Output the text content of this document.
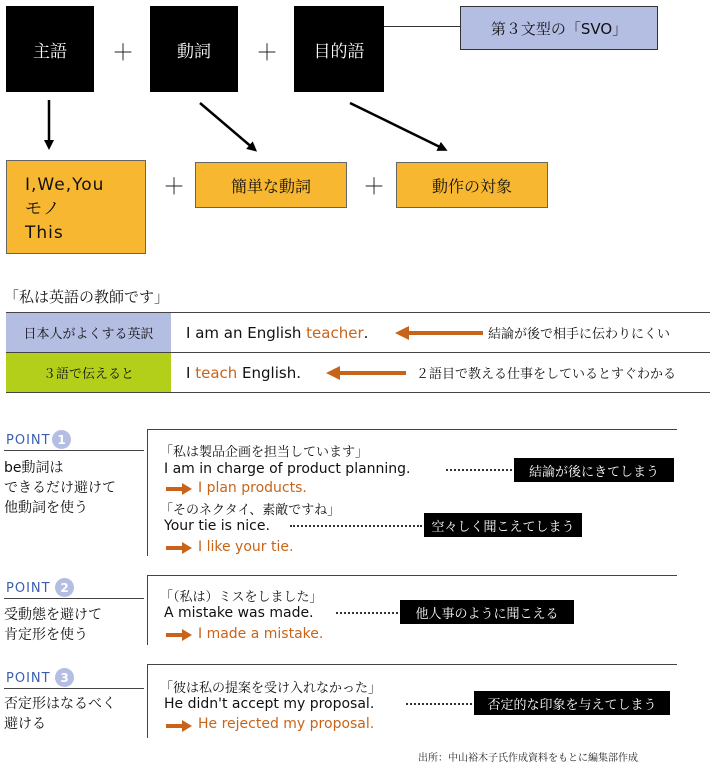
主語 ＋	動詞 ＋ 目的語
第３文型の「SVO」
I,We,You
モノ
This
＋	簡単な動詞 ＋	動作の対象
「私は英語の教師です」
日本人がよくする英訳 I am an English teacher .	結論が後で相手に伝わりにくい
３語で伝えると	I teach English.	２語目で教える仕事をしているとすぐわかる
POINT 1
be動詞は
できるだけ避けて
他動詞を使う
「私は製品企画を担当しています」
I am in charge of product planning.	結論が後にきてしまう
I plan products.
「そのネクタイ、素敵ですね」
Your tie is nice.	空々しく聞こえてしまう
I like your tie.
POINT 2
受動態を避けて
肯定形を使う
「（私は）ミスをしました」
A mistake was made.	他人事のように聞こえる
I made a mistake.
POINT 3
否定形はなるべく
避ける
「彼は私の提案を受け入れなかった」
He didn't accept my proposal.	否定的な印象を与えてしまう
He rejected my proposal.
出所：中山裕木子氏作成資料をもとに編集部作成
